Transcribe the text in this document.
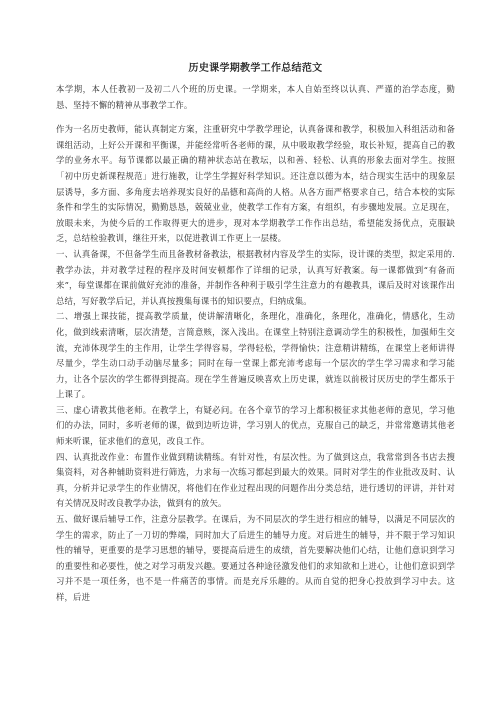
历史课学期教学工作总结范文

本学期，本人任教初一及初二八个班的历史课。一学期来，本人自始至终以认真、严谨的治学态度，勤恳、坚持不懈的精神从事教学工作。

作为一名历史教师，能认真制定方案，注重研究中学教学理论，认真备课和教学，积极加入科组活动和备课组活动，上好公开课和平衡课，并能经常听各老师的课，从中吸取教学经验，取长补短，提高自己的教学的业务水平。每节课都以最正确的精神状态站在教坛，以和善、轻松、认真的形象去面对学生。按照「初中历史新课程规范」进行施教，让学生学握好科学知识。还注意以德为本，结合现实生活中的现象层层诱导，多方面、多角度去培养现实良好的品德和高尚的人格。从各方面严格要求自己，结合本校的实际条件和学生的实际情况，勤勤恳恳，兢兢业业，使教学工作有方案，有组织，有步骤地发展。立足现在，放眼未来，为使今后的工作取得更大的进步，现对本学期教学工作作出总结，希望能发扬优点，克服缺乏，总结检验教训，继往开来，以促进教训工作更上一层楼。

一、认真备课，不但备学生而且备教材备教法，根据教材内容及学生的实际，设计课的类型，拟定采用的.教学办法，并对教学过程的程序及时间安顿都作了详细的记录，认真写好教案。每一课都做到“有备而来”，每堂课都在课前做好充沛的准备，并制作各种利于吸引学生注意力的有趣教具，课后及时对该课作出总结，写好教学后记，并认真按搜集每课书的知识要点，归纳成集。

二、增强上课技能，提高教学质量，使讲解清晰化，条理化，准确化，条理化，准确化，情感化，生动化，做到线索清晰，层次清楚，言简意赅，深入浅出。在课堂上特别注意调动学生的积极性，加强师生交流，充沛体现学生的主作用，让学生学得容易，学得轻松，学得愉快；注意精讲精练，在课堂上老师讲得尽量少，学生动口动手动脑尽量多；同时在每一堂课上都充沛考虑每一个层次的学生学习需求和学习能力，让各个层次的学生都得到提高。现在学生普遍反映喜欢上历史课，就连以前极讨厌历史的学生都乐于上课了。

三、虚心请教其他老师。在教学上，有疑必问。在各个章节的学习上都积极征求其他老师的意见，学习他们的办法，同时，多听老师的课，做到边听边讲，学习别人的优点，克服自己的缺乏，并常常邀请其他老师来听课，征求他们的意见，改良工作。

四、认真批改作业：布置作业做到精读精练。有针对性，有层次性。为了做到这点，我常常到各书店去搜集资料，对各种辅助资料进行筛选，力求每一次练习都起到最大的效果。同时对学生的作业批改及时、认真，分析并记录学生的作业情况，将他们在作业过程出现的问题作出分类总结，进行透切的评讲，并针对有关情况及时改良教学办法，做到有的放矢。

五、做好课后辅导工作，注意分层教学。在课后，为不同层次的学生进行相应的辅导，以满足不同层次的学生的需求，防止了一刀切的弊端，同时加大了后进生的辅导力度。对后进生的辅导，并不限于学习知识性的辅导，更重要的是学习思想的辅导，要提高后进生的成绩，首先要解决他们心结，让他们意识到学习的重要性和必要性，使之对学习萌发兴趣。要通过各种途径激发他们的求知欲和上进心，让他们意识到学习并不是一项任务，也不是一件痛苦的事情。而是充斥乐趣的。从而自觉的把身心投放到学习中去。这样，后进
